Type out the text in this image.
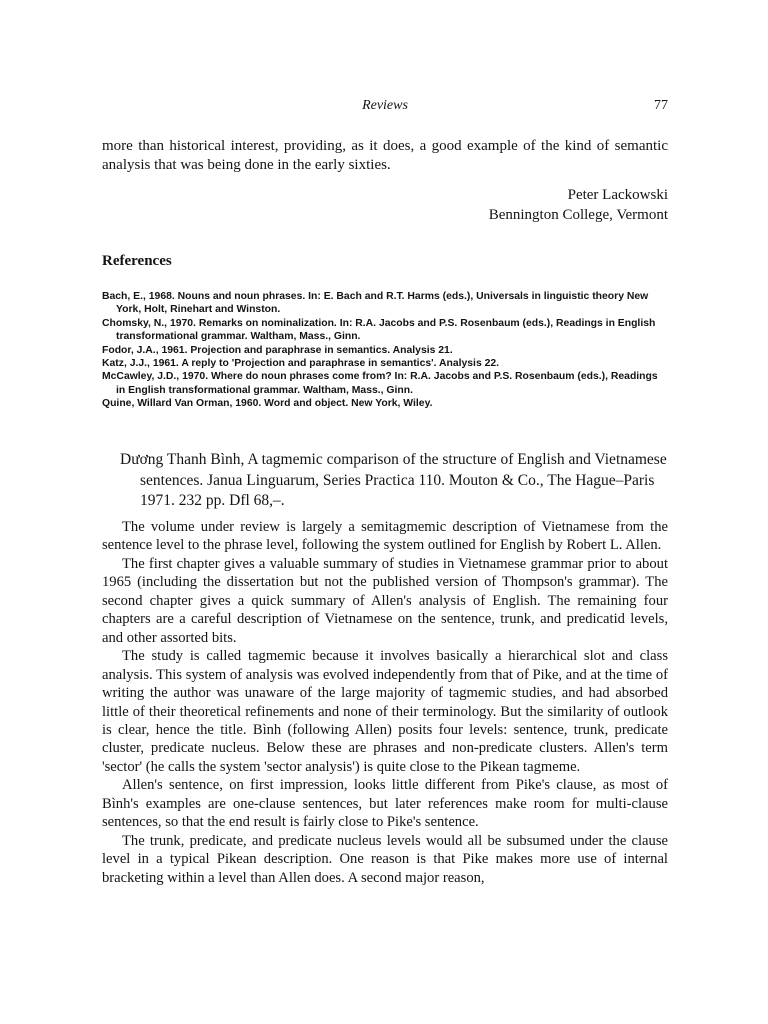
Reviews	77
more than historical interest, providing, as it does, a good example of the kind of semantic analysis that was being done in the early sixties.
Peter Lackowski
Bennington College, Vermont
References
Bach, E., 1968. Nouns and noun phrases. In: E. Bach and R.T. Harms (eds.), Universals in linguistic theory New York, Holt, Rinehart and Winston.
Chomsky, N., 1970. Remarks on nominalization. In: R.A. Jacobs and P.S. Rosenbaum (eds.), Readings in English transformational grammar. Waltham, Mass., Ginn.
Fodor, J.A., 1961. Projection and paraphrase in semantics. Analysis 21.
Katz, J.J., 1961. A reply to 'Projection and paraphrase in semantics'. Analysis 22.
McCawley, J.D., 1970. Where do noun phrases come from? In: R.A. Jacobs and P.S. Rosenbaum (eds.), Readings in English transformational grammar. Waltham, Mass., Ginn.
Quine, Willard Van Orman, 1960. Word and object. New York, Wiley.
Dương Thanh Bình, A tagmemic comparison of the structure of English and Vietnamese sentences. Janua Linguarum, Series Practica 110. Mouton & Co., The Hague–Paris 1971. 232 pp. Dfl 68,–.

The volume under review is largely a semitagmemic description of Vietnamese from the sentence level to the phrase level, following the system outlined for English by Robert L. Allen.

The first chapter gives a valuable summary of studies in Vietnamese grammar prior to about 1965 (including the dissertation but not the published version of Thompson's grammar). The second chapter gives a quick summary of Allen's analysis of English. The remaining four chapters are a careful description of Vietnamese on the sentence, trunk, and predicatid levels, and other assorted bits.

The study is called tagmemic because it involves basically a hierarchical slot and class analysis. This system of analysis was evolved independently from that of Pike, and at the time of writing the author was unaware of the large majority of tagmemic studies, and had absorbed little of their theoretical refinements and none of their terminology. But the similarity of outlook is clear, hence the title. Bình (following Allen) posits four levels: sentence, trunk, predicate cluster, predicate nucleus. Below these are phrases and non-predicate clusters. Allen's term 'sector' (he calls the system 'sector analysis') is quite close to the Pikean tagmeme.

Allen's sentence, on first impression, looks little different from Pike's clause, as most of Bình's examples are one-clause sentences, but later references make room for multi-clause sentences, so that the end result is fairly close to Pike's sentence.

The trunk, predicate, and predicate nucleus levels would all be subsumed under the clause level in a typical Pikean description. One reason is that Pike makes more use of internal bracketing within a level than Allen does. A second major reason,
